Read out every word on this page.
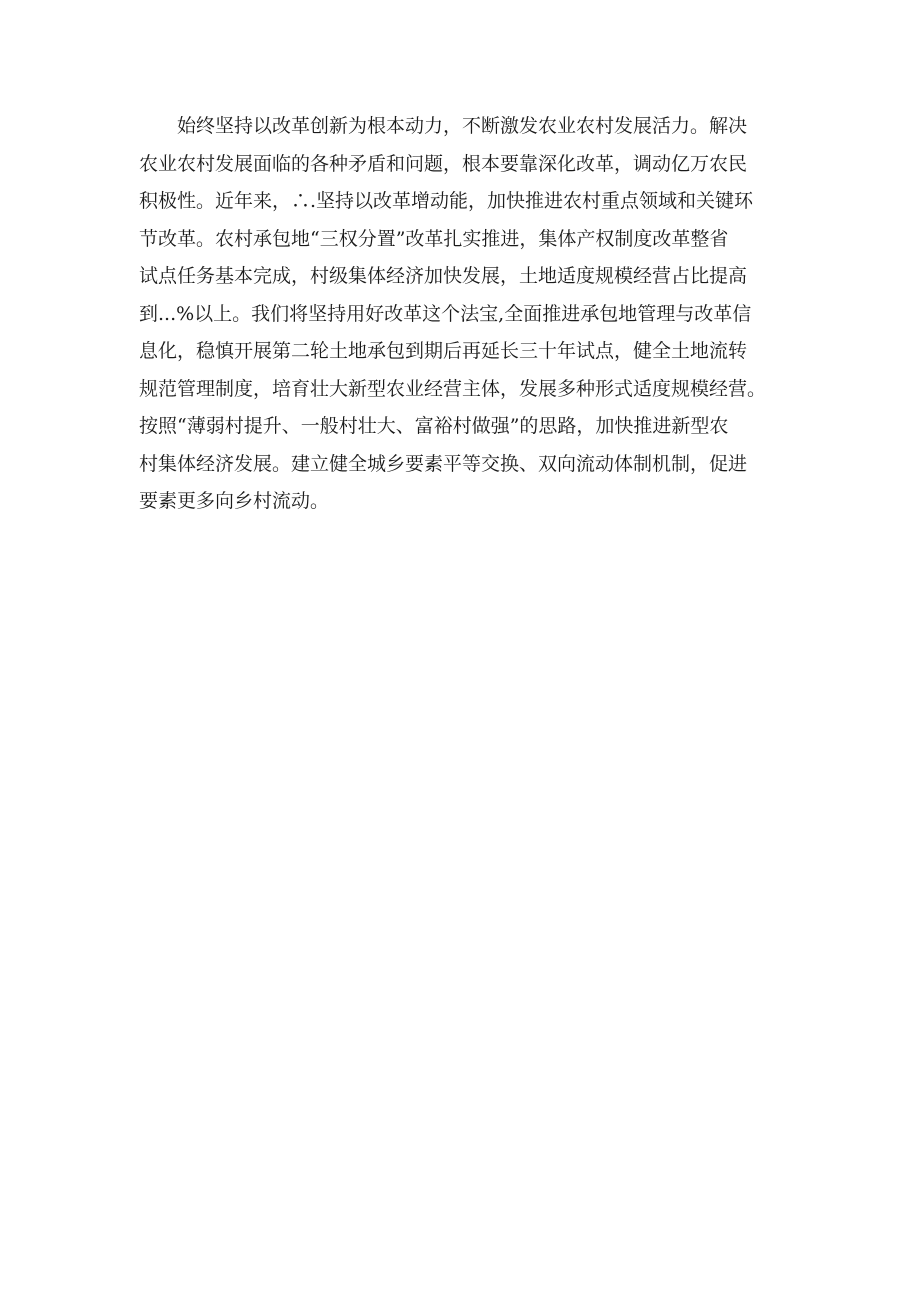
始终坚持以改革创新为根本动力，不断激发农业农村发展活力。解决
农业农村发展面临的各种矛盾和问题，根本要靠深化改革，调动亿万农民
积极性。近年来，∴.坚持以改革增动能，加快推进农村重点领域和关键环
节改革。农村承包地“三权分置”改革扎实推进，集体产权制度改革整省
试点任务基本完成，村级集体经济加快发展，土地适度规模经营占比提高
到...%以上。我们将坚持用好改革这个法宝,全面推进承包地管理与改革信
息化，稳慎开展第二轮土地承包到期后再延长三十年试点，健全土地流转
规范管理制度，培育壮大新型农业经营主体，发展多种形式适度规模经营。
按照“薄弱村提升、一般村壮大、富裕村做强”的思路，加快推进新型农
村集体经济发展。建立健全城乡要素平等交换、双向流动体制机制，促进
要素更多向乡村流动。
